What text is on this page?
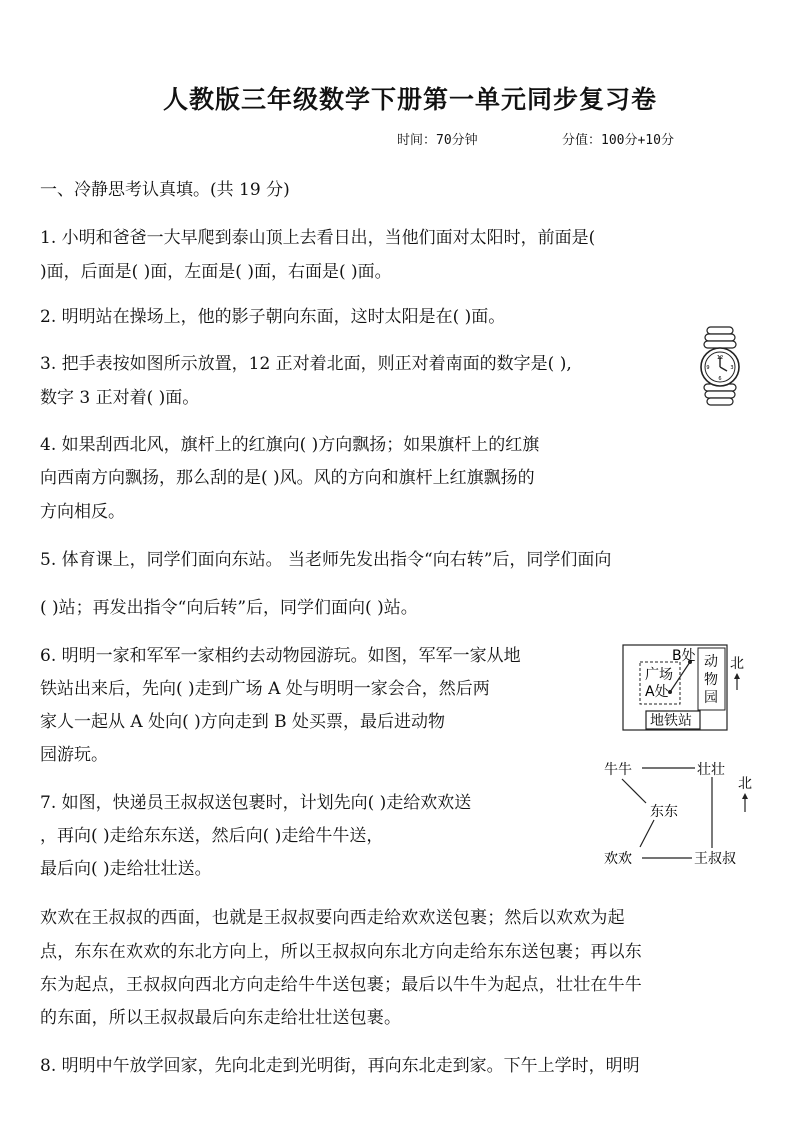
人教版三年级数学下册第一单元同步复习卷
时间：70分钟	分值：100分+10分
一、冷静思考认真填。(共 19 分)
1. 小明和爸爸一大早爬到泰山顶上去看日出，当他们面对太阳时，前面是(
)面，后面是( )面，左面是( )面，右面是( )面。
2. 明明站在操场上，他的影子朝向东面，这时太阳是在( )面。
3. 把手表按如图所示放置，12 正对着北面，则正对着南面的数字是( ),
数字 3 正对着( )面。
4. 如果刮西北风，旗杆上的红旗向( )方向飘扬；如果旗杆上的红旗
向西南方向飘扬，那么刮的是( )风。风的方向和旗杆上红旗飘扬的
方向相反。
5. 体育课上，同学们面向东站。 当老师先发出指令“向右转”后，同学们面向
( )站；再发出指令“向后转”后，同学们面向( )站。
6. 明明一家和军军一家相约去动物园游玩。如图，军军一家从地
铁站出来后，先向( )走到广场 A 处与明明一家会合，然后两
家人一起从 A 处向( )方向走到 B 处买票，最后进动物
园游玩。
7. 如图，快递员王叔叔送包裹时，计划先向( )走给欢欢送
，再向( )走给东东送，然后向( )走给牛牛送，
最后向( )走给壮壮送。
欢欢在王叔叔的西面，也就是王叔叔要向西走给欢欢送包裹；然后以欢欢为起
点，东东在欢欢的东北方向上，所以王叔叔向东北方向走给东东送包裹；再以东
东为起点，王叔叔向西北方向走给牛牛送包裹；最后以牛牛为起点，壮壮在牛牛
的东面，所以王叔叔最后向东走给壮壮送包裹。
8. 明明中午放学回家，先向北走到光明街，再向东北走到家。下午上学时，明明
12
3
6
9
B处 动
物
园
广场
A处
地铁站
北
牛牛	壮壮
东东
欢欢	王叔叔
北
